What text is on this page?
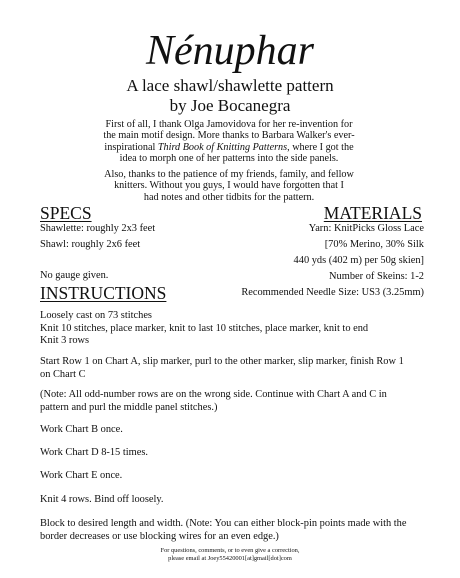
Nénuphar
A lace shawl/shawlette pattern
by Joe Bocanegra
First of all, I thank Olga Jamovidova for her re-invention for
the main motif design. More thanks to Barbara Walker's ever-
inspirational Third Book of Knitting Patterns, where I got the
idea to morph one of her patterns into the side panels.
Also, thanks to the patience of my friends, family, and fellow
knitters. Without you guys, I would have forgotten that I
had notes and other tidbits for the pattern.
SPECS	MATERIALS
Shawlette: roughly 2x3 feet
Shawl: roughly 2x6 feet
No gauge given.
Yarn: KnitPicks Gloss Lace
[70% Merino, 30% Silk
440 yds (402 m) per 50g skien]
Number of Skeins: 1-2
Recommended Needle Size: US3 (3.25mm)
INSTRUCTIONS
Loosely cast on 73 stitches
Knit 10 stitches, place marker, knit to last 10 stitches, place marker, knit to end
Knit 3 rows
Start Row 1 on Chart A, slip marker, purl to the other marker, slip marker, finish Row 1
on Chart C
(Note: All odd-number rows are on the wrong side. Continue with Chart A and C in
pattern and purl the middle panel stitches.)
Work Chart B once.
Work Chart D 8-15 times.
Work Chart E once.
Knit 4 rows. Bind off loosely.
Block to desired length and width. (Note: You can either block-pin points made with the
border decreases or use blocking wires for an even edge.)
For questions, comments, or to even give a correction,
please email at Joey55420001[at]gmail[dot]com
